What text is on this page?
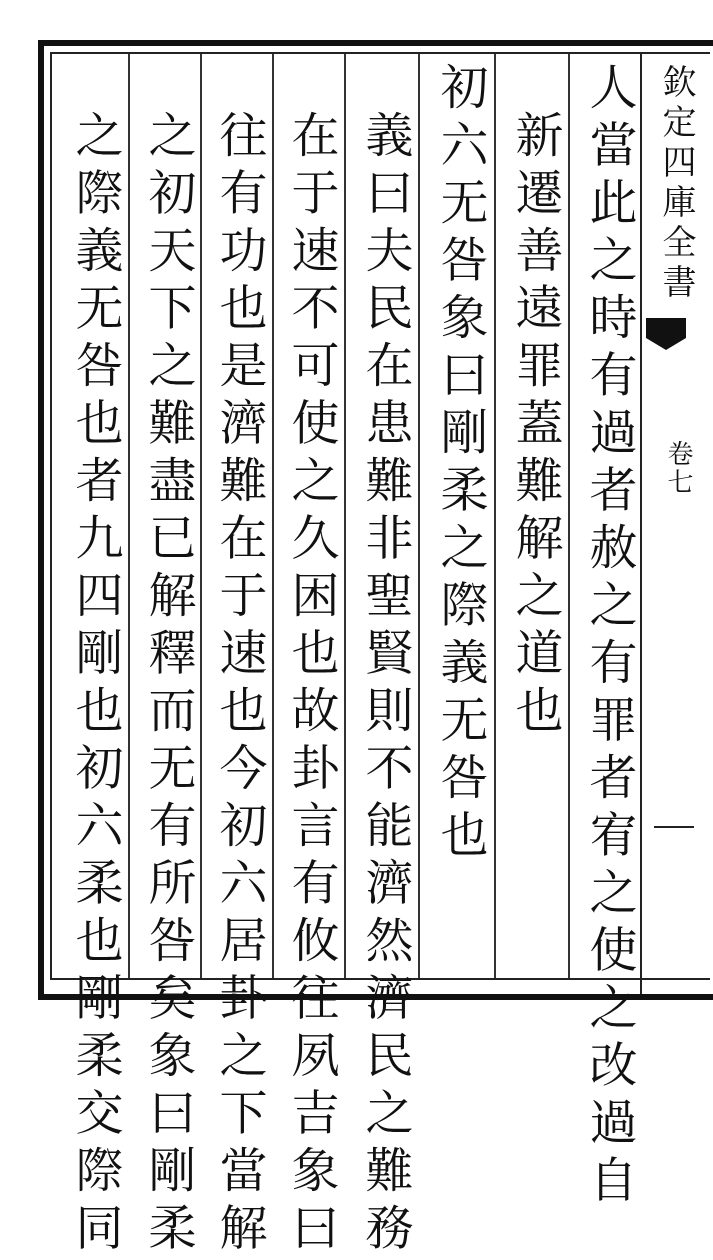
人當此之時有過者赦之有罪者宥之使之改過自
新遷善遠罪蓋難解之道也
初六无咎象曰剛柔之際義无咎也
義曰夫民在患難非聖賢則不能濟然濟民之難務
在于速不可使之久困也故卦言有攸往夙吉象曰
往有功也是濟難在于速也今初六居卦之下當解
之初天下之難盡已解釋而无有所咎矣象曰剛柔
之際義无咎也者九四剛也初六柔也剛柔交際同	欽定四庫全書
卷七
